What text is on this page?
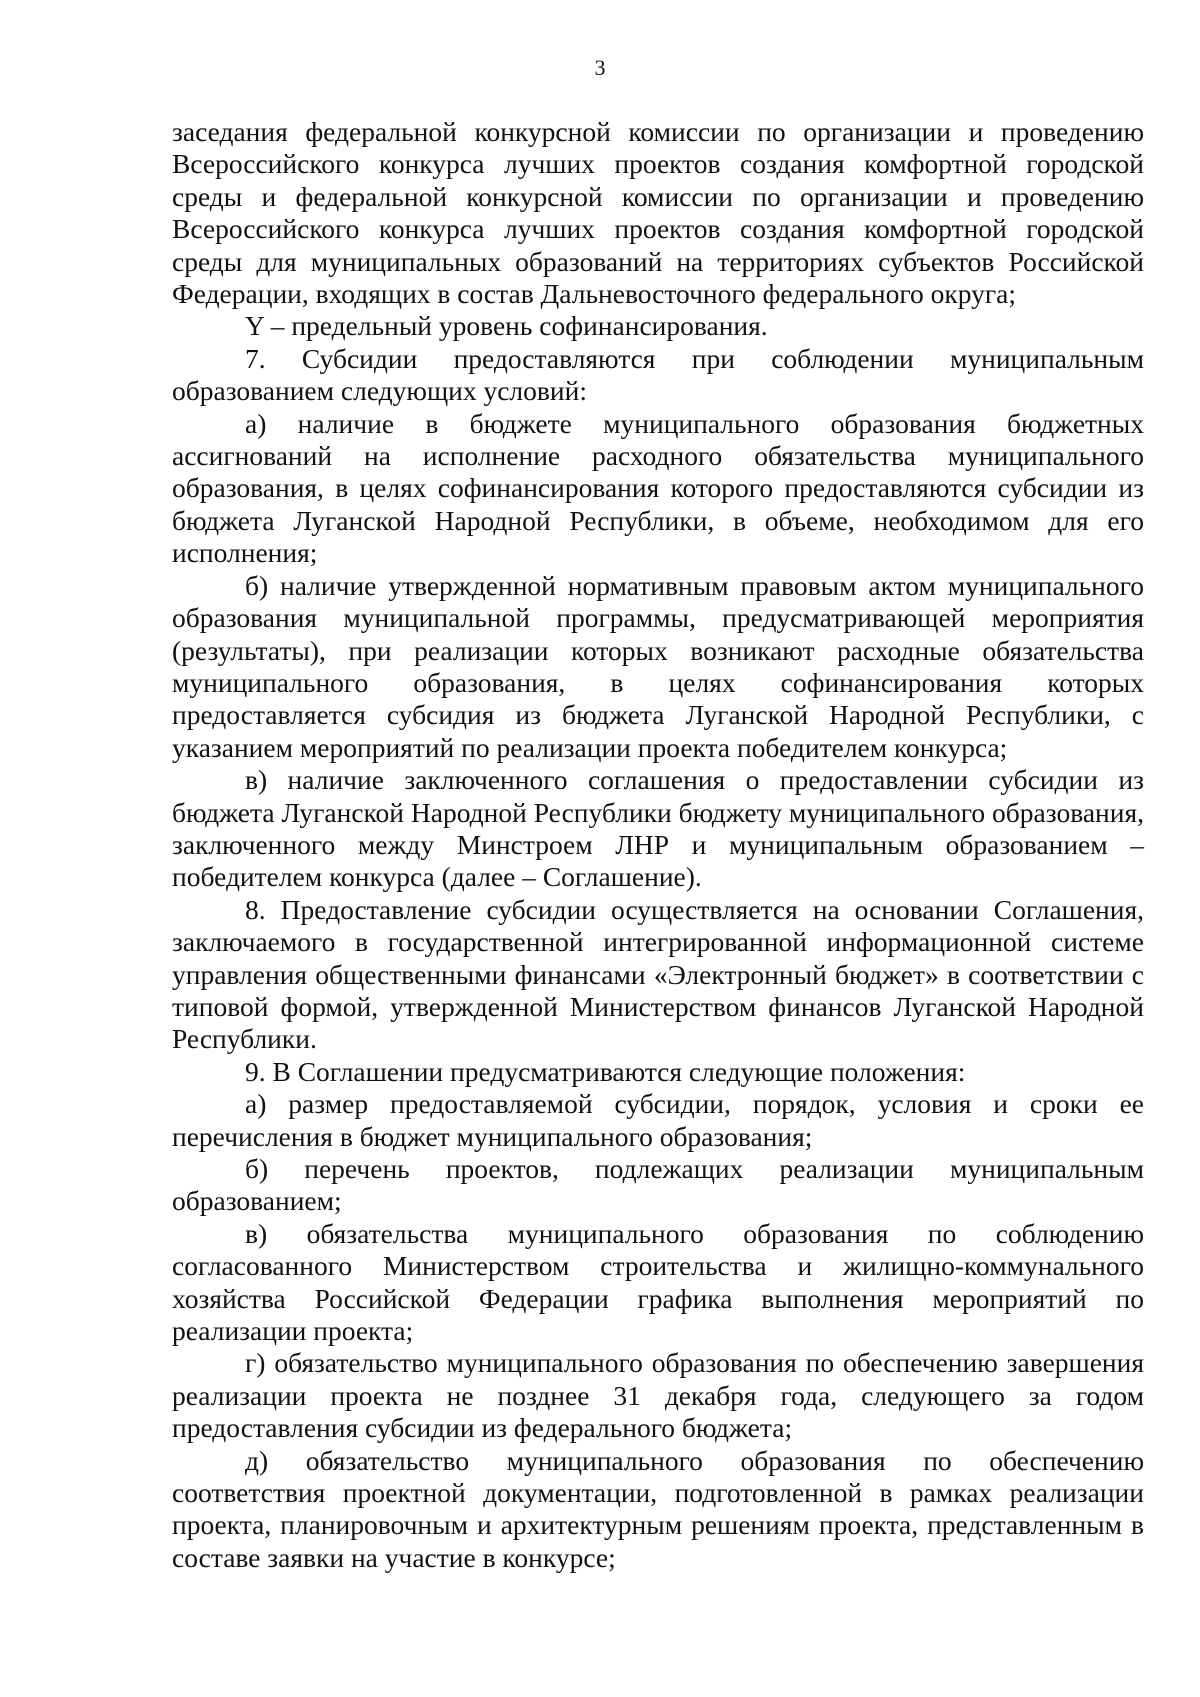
3

заседания федеральной конкурсной комиссии по организации и проведению Всероссийского конкурса лучших проектов создания комфортной городской среды и федеральной конкурсной комиссии по организации и проведению Всероссийского конкурса лучших проектов создания комфортной городской среды для муниципальных образований на территориях субъектов Российской Федерации, входящих в состав Дальневосточного федерального округа;

Y – предельный уровень софинансирования.

7. Субсидии предоставляются при соблюдении муниципальным образованием следующих условий:

а) наличие в бюджете муниципального образования бюджетных ассигнований на исполнение расходного обязательства муниципального образования, в целях софинансирования которого предоставляются субсидии из бюджета Луганской Народной Республики, в объеме, необходимом для его исполнения;

б) наличие утвержденной нормативным правовым актом муниципального образования муниципальной программы, предусматривающей мероприятия (результаты), при реализации которых возникают расходные обязательства муниципального образования, в целях софинансирования которых предоставляется субсидия из бюджета Луганской Народной Республики, с указанием мероприятий по реализации проекта победителем конкурса;

в) наличие заключенного соглашения о предоставлении субсидии из бюджета Луганской Народной Республики бюджету муниципального образования, заключенного между Минстроем ЛНР и муниципальным образованием – победителем конкурса (далее – Соглашение).

8. Предоставление субсидии осуществляется на основании Соглашения, заключаемого в государственной интегрированной информационной системе управления общественными финансами «Электронный бюджет» в соответствии с типовой формой, утвержденной Министерством финансов Луганской Народной Республики.

9. В Соглашении предусматриваются следующие положения:

а) размер предоставляемой субсидии, порядок, условия и сроки ее перечисления в бюджет муниципального образования;

б) перечень проектов, подлежащих реализации муниципальным образованием;

в) обязательства муниципального образования по соблюдению согласованного Министерством строительства и жилищно-коммунального хозяйства Российской Федерации графика выполнения мероприятий по реализации проекта;

г) обязательство муниципального образования по обеспечению завершения реализации проекта не позднее 31 декабря года, следующего за годом предоставления субсидии из федерального бюджета;

д) обязательство муниципального образования по обеспечению соответствия проектной документации, подготовленной в рамках реализации проекта, планировочным и архитектурным решениям проекта, представленным в составе заявки на участие в конкурсе;
